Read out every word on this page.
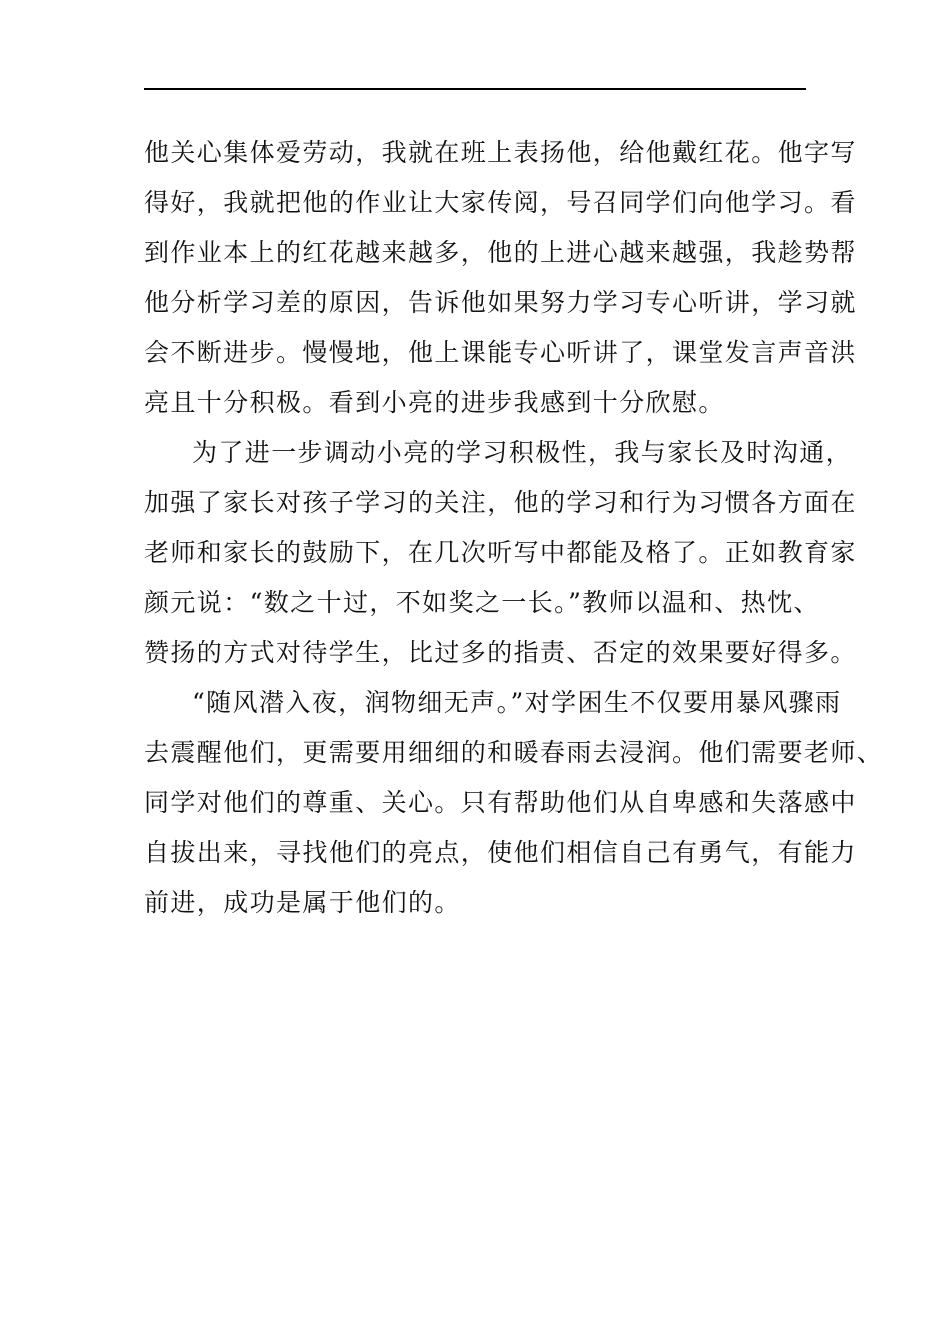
他关心集体爱劳动，我就在班上表扬他，给他戴红花。他字写
得好，我就把他的作业让大家传阅，号召同学们向他学习。看
到作业本上的红花越来越多，他的上进心越来越强，我趁势帮
他分析学习差的原因，告诉他如果努力学习专心听讲，学习就
会不断进步。慢慢地，他上课能专心听讲了，课堂发言声音洪
亮且十分积极。看到小亮的进步我感到十分欣慰。
为了进一步调动小亮的学习积极性，我与家长及时沟通，
加强了家长对孩子学习的关注，他的学习和行为习惯各方面在
老师和家长的鼓励下，在几次听写中都能及格了。正如教育家
颜元说：“数之十过，不如奖之一长。”教师以温和、热忱、
赞扬的方式对待学生，比过多的指责、否定的效果要好得多。
“随风潜入夜，润物细无声。”对学困生不仅要用暴风骤雨
去震醒他们，更需要用细细的和暖春雨去浸润。他们需要老师、
同学对他们的尊重、关心。只有帮助他们从自卑感和失落感中
自拔出来，寻找他们的亮点，使他们相信自己有勇气，有能力
前进，成功是属于他们的。
